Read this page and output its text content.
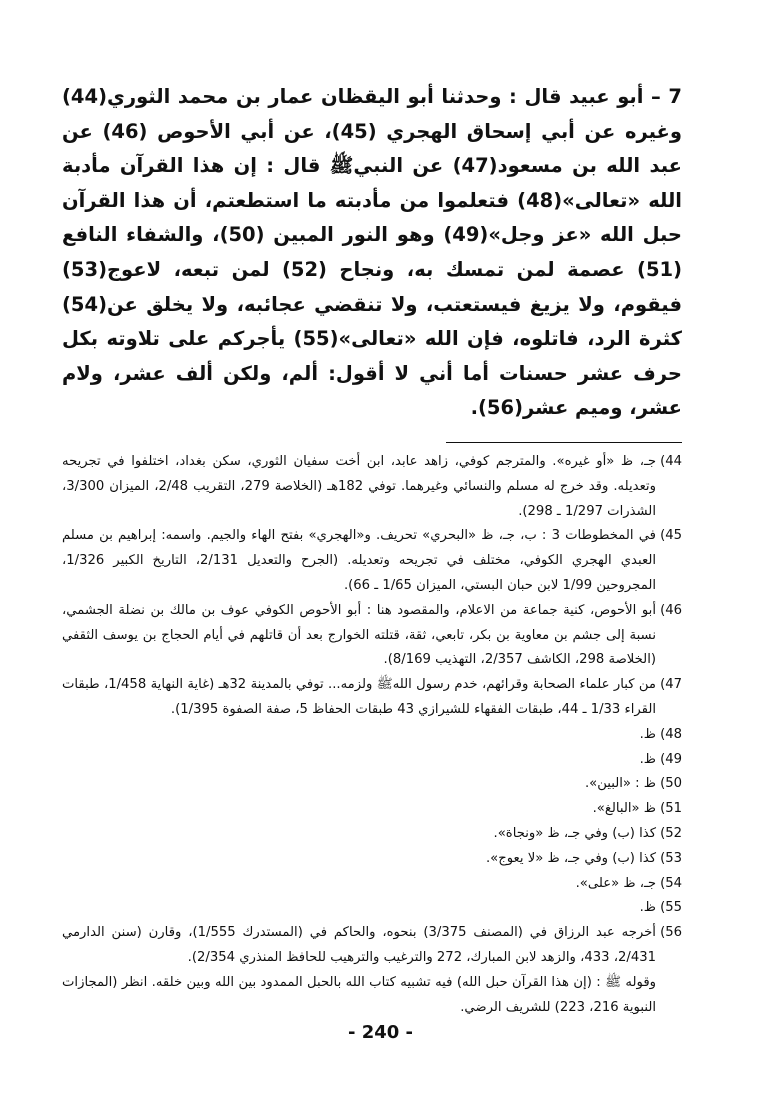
7 – أبو عبيد قال : وحدثنا أبو اليقظان عمار بن محمد الثوري(44) وغيره عن أبي إسحاق الهجري (45)، عن أبي الأحوص (46) عن عبد الله بن مسعود(47) عن النبيﷺ قال : إن هذا القرآن مأدبة الله «تعالى»(48) فتعلموا من مأدبته ما استطعتم، أن هذا القرآن حبل الله «عز وجل»(49) وهو النور المبين (50)، والشفاء النافع (51) عصمة لمن تمسك به، ونجاح (52) لمن تبعه، لاعوج(53) فيقوم، ولا يزيغ فيستعتب، ولا تنقضي عجائبه، ولا يخلق عن(54) كثرة الرد، فاتلوه، فإن الله «تعالى»(55) يأجركم على تلاوته بكل حرف عشر حسنات أما أني لا أقول: ألم، ولكن ألف عشر، ولام عشر، وميم عشر(56).

44)
جـ، ظ «أو غيره». والمترجم كوفي، زاهد عابد، ابن أخت سفيان الثوري، سكن بغداد، اختلفوا في تجريحه وتعديله. وقد خرج له مسلم والنسائي وغيرهما. توفي 182هـ (الخلاصة 279، التقريب 2/48، الميزان 3/300، الشذرات 1/297 ـ 298).
45)
في المخطوطات 3 : ب، جـ، ظ «البحري» تحريف. و«الهجري» بفتح الهاء والجيم. واسمه: إبراهيم بن مسلم العبدي الهجري الكوفي، مختلف في تجريحه وتعديله. (الجرح والتعديل 2/131، التاريخ الكبير 1/326، المجروحين 1/99 لابن حبان البستي، الميزان 1/65 ـ 66).
46)
أبو الأحوص، كنية جماعة من الاعلام، والمقصود هنا : أبو الأحوص الكوفي عوف بن مالك بن نضلة الجشمي، نسبة إلى جشم بن معاوية بن بكر، تابعي، ثقة، قتلته الخوارج بعد أن قاتلهم في أيام الحجاج بن يوسف الثقفي (الخلاصة 298، الكاشف 2/357، التهذيب 8/169).
47)
من كبار علماء الصحابة وقرائهم، خدم رسول اللهﷺ ولزمه... توفي بالمدينة 32هـ (غاية النهاية 1/458، طبقات القراء 1/33 ـ 44، طبقات الفقهاء للشيرازي 43 طبقات الحفاظ 5، صفة الصفوة 1/395).
48)
ظ.
49)
ظ.
50)
ظ : «البين».
51)
ظ «البالغ».
52)
كذا (ب) وفي جـ، ظ «ونجاة».
53)
كذا (ب) وفي جـ، ظ «لا يعوج».
54)
جـ، ظ «على».
55)
ظ.
56)
أخرجه عبد الرزاق في (المصنف 3/375) بنحوه، والحاكم في (المستدرك 1/555)، وقارن (سنن الدارمي 2/431، 433، والزهد لابن المبارك، 272 والترغيب والترهيب للحافظ المنذري 2/354).
وقوله ﷺ : (إن هذا القرآن حبل الله) فيه تشبيه كتاب الله بالحبل الممدود بين الله وبين خلقه. انظر (المجازات النبوية 216، 223) للشريف الرضي.
- 240 -
